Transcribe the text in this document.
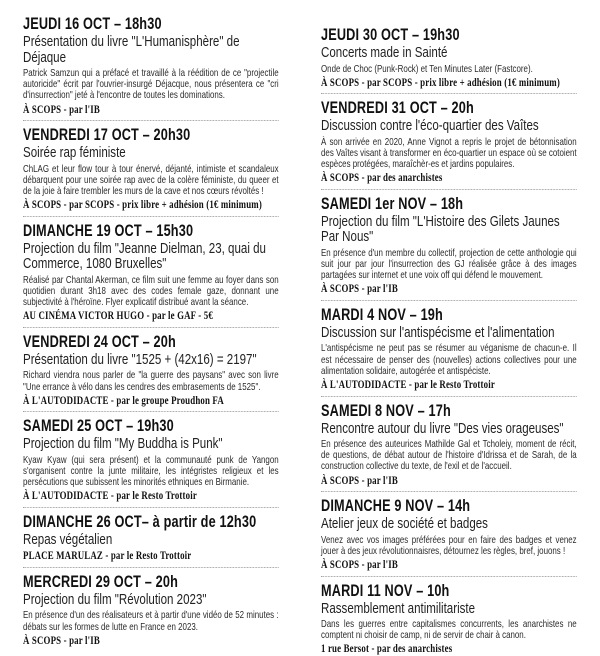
JEUDI 16 OCT – 18h30
Présentation du livre "L'Humanisphère" de Déjaque
Patrick Samzun qui a préfacé et travaillé à la réédition de ce "projectile autoricide" écrit par l'ouvrier-insurgé Déjacque, nous présentera ce "cri d'insurrection" jeté à l'encontre de toutes les dominations.
À SCOPS - par l'IB
VENDREDI 17 OCT – 20h30
Soirée rap féministe
ChLAG et leur flow tour à tour énervé, déjanté, intimiste et scandaleux débarquent pour une soirée rap avec de la colère féministe, du queer et de la joie à faire trembler les murs de la cave et nos cœurs révoltés !
À SCOPS - par SCOPS - prix libre + adhésion (1€ minimum)
DIMANCHE 19 OCT – 15h30
Projection du film "Jeanne Dielman, 23, quai du Commerce, 1080 Bruxelles"
Réalisé par Chantal Akerman, ce film suit une femme au foyer dans son quotidien durant 3h18 avec des codes female gaze, donnant une subjectivité à l'héroïne. Flyer explicatif distribué avant la séance.
AU CINÉMA VICTOR HUGO - par le GAF - 5€
VENDREDI 24 OCT – 20h
Présentation du livre "1525 + (42x16) = 2197"
Richard viendra nous parler de "la guerre des paysans" avec son livre "Une errance à vélo dans les cendres des embrasements de 1525".
À L'AUTODIDACTE - par le groupe Proudhon FA
SAMEDI 25 OCT – 19h30
Projection du film "My Buddha is Punk"
Kyaw Kyaw (qui sera présent) et la communauté punk de Yangon s'organisent contre la junte militaire, les intégristes religieux et les persécutions que subissent les minorités ethniques en Birmanie.
À L'AUTODIDACTE - par le Resto Trottoir
DIMANCHE 26 OCT– à partir de 12h30
Repas végétalien
PLACE MARULAZ - par le Resto Trottoir
MERCREDI 29 OCT – 20h
Projection du film "Révolution 2023"
En présence d'un des réalisateurs et à partir d'une vidéo de 52 minutes : débats sur les formes de lutte en France en 2023.
À SCOPS - par l'IB
JEUDI 30 OCT – 19h30
Concerts made in Sainté
Onde de Choc (Punk-Rock) et Ten Minutes Later (Fastcore).
À SCOPS - par SCOPS - prix libre + adhésion (1€ minimum)
VENDREDI 31 OCT – 20h
Discussion contre l'éco-quartier des Vaîtes
À son arrivée en 2020, Anne Vignot a repris le projet de bétonnisation des Vaîtes visant à transformer en éco-quartier un espace où se cotoient espèces protégées, maraîchèr-es et jardins populaires.
À SCOPS - par des anarchistes
SAMEDI 1er NOV – 18h
Projection du film "L'Histoire des Gilets Jaunes Par Nous"
En présence d'un membre du collectif, projection de cette anthologie qui suit jour par jour l'insurrection des GJ réalisée grâce à des images partagées sur internet et une voix off qui défend le mouvement.
À SCOPS - par l'IB
MARDI 4 NOV – 19h
Discussion sur l'antispécisme et l'alimentation
L'antispécisme ne peut pas se résumer au véganisme de chacun-e. Il est nécessaire de penser des (nouvelles) actions collectives pour une alimentation solidaire, autogérée et antispéciste.
À L'AUTODIDACTE - par le Resto Trottoir
SAMEDI 8 NOV – 17h
Rencontre autour du livre "Des vies orageuses"
En présence des auteurices Mathilde Gal et Tcholeiy, moment de récit, de questions, de débat autour de l'histoire d'Idrissa et de Sarah, de la construction collective du texte, de l'exil et de l'accueil.
À SCOPS - par l'IB
DIMANCHE 9 NOV – 14h
Atelier jeux de société et badges
Venez avec vos images préférées pour en faire des badges et venez jouer à des jeux révolutionnaisres, détournez les règles, bref, jouons !
À SCOPS - par l'IB
MARDI 11 NOV – 10h
Rassemblement antimilitariste
Dans les guerres entre capitalismes concurrents, les anarchistes ne comptent ni choisir de camp, ni de servir de chair à canon.
1 rue Bersot - par des anarchistes
